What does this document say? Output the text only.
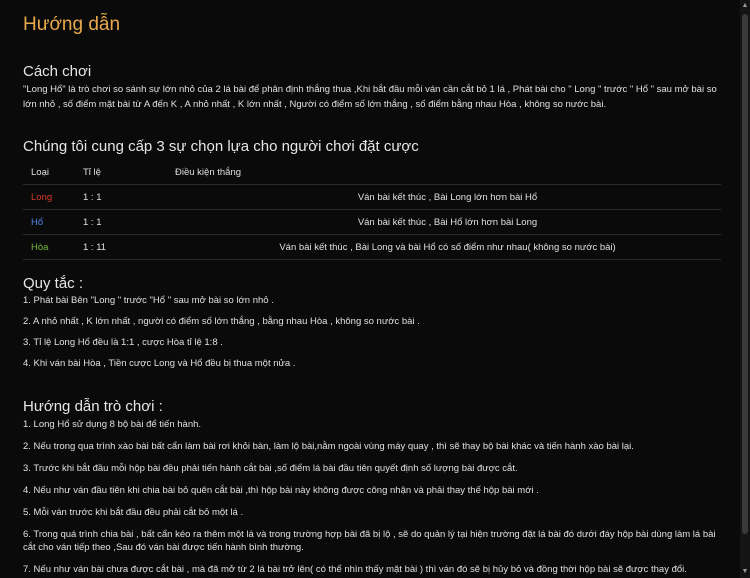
Hướng dẫn
Cách chơi
"Long Hổ" là trò chơi so sánh sự lớn nhỏ của 2 lá bài để phân định thắng thua ,Khi bắt đầu mỗi ván cần cắt bỏ 1 lá , Phát bài cho " Long " trước " Hổ " sau mở bài so lớn nhỏ , số điểm mặt bài từ A đến K , A nhỏ nhất , K lớn nhất , Người có điểm số lớn thắng , số điểm bằng nhau Hòa , không so nước bài.
Chúng tôi cung cấp 3 sự chọn lựa cho người chơi đặt cược
Loại	Tỉ lệ	Điều kiện thắng
Long	1 : 1	Ván bài kết thúc , Bài Long lớn hơn bài Hổ
Hổ	1 : 1	Ván bài kết thúc , Bài Hổ lớn hơn bài Long
Hòa	1 : 11	Ván bài kết thúc , Bài Long và bài Hổ có số điểm như nhau( không so nước bài)
Quy tắc :
1. Phát bài Bên "Long " trước "Hổ " sau mở bài so lớn nhỏ .
2. A nhỏ nhất , K lớn nhất , người có điểm số lớn thắng , bằng nhau Hòa , không so nước bài .
3. Tỉ lệ Long Hổ đều là 1:1 , cược Hòa tỉ lệ 1:8 .
4. Khi ván bài Hòa , Tiền cược Long và Hổ đều bị thua một nửa .
Hướng dẫn trò chơi :
1. Long Hổ sử dụng 8 bộ bài để tiến hành.
2. Nếu trong qua trình xào bài bất cẩn làm bài rơi khỏi bàn, làm lộ bài,nằm ngoài vùng máy quay , thì sẽ thay bộ bài khác và tiến hành xào bài lại.
3. Trước khi bắt đầu mỗi hộp bài đều phải tiến hành cắt bài ,số điểm lá bài đầu tiên quyết định số lượng bài được cắt.
4. Nếu như ván đầu tiên khi chia bài bỏ quên cắt bài ,thì hộp bài này không được công nhận và phải thay thế hộp bài mới .
5. Mỗi ván trước khi bắt đầu đều phải cắt bỏ một lá .
6. Trong quá trình chia bài , bất cẩn kéo ra thêm một lá và trong trường hợp bài đã bị lộ , sẽ do quản lý tại hiện trường đặt lá bài đó dưới đáy hộp bài dùng làm lá bài cắt cho ván tiếp theo ,Sau đó ván bài được tiến hành bình thường.
7. Nếu như ván bài chưa được cắt bài , mà đã mở từ 2 lá bài trở lên( có thể nhìn thấy mặt bài ) thì ván đó sẽ bị hủy bỏ và đồng thời hộp bài sẽ được thay đổi.
▲
▼
